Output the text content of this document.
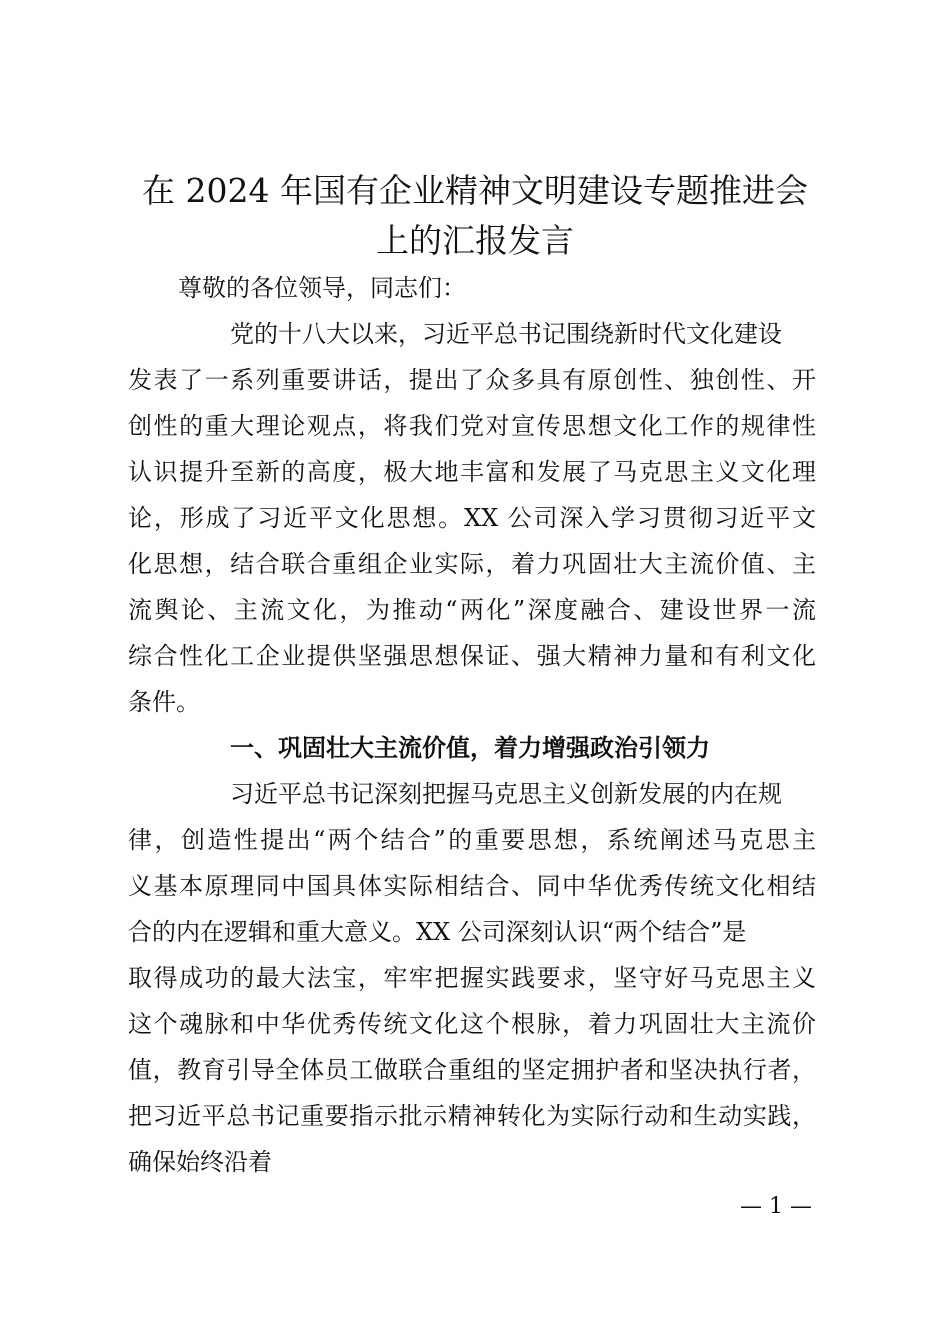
在 2024 年国有企业精神文明建设专题推进会
上的汇报发言

尊敬的各位领导，同志们：

党的十八大以来，习近平总书记围绕新时代文化建设

发表了一系列重要讲话，提出了众多具有原创性、独创性、开

创性的重大理论观点，将我们党对宣传思想文化工作的规律性

认识提升至新的高度，极大地丰富和发展了马克思主义文化理

论，形成了习近平文化思想。XX 公司深入学习贯彻习近平文

化思想，结合联合重组企业实际，着力巩固壮大主流价值、主

流舆论、主流文化，为推动“两化”深度融合、建设世界一流

综合性化工企业提供坚强思想保证、强大精神力量和有利文化

条件。

一、巩固壮大主流价值，着力增强政治引领力

习近平总书记深刻把握马克思主义创新发展的内在规

律，创造性提出“两个结合”的重要思想，系统阐述马克思主

义基本原理同中国具体实际相结合、同中华优秀传统文化相结

合的内在逻辑和重大意义。XX 公司深刻认识“两个结合”是

取得成功的最大法宝，牢牢把握实践要求，坚守好马克思主义

这个魂脉和中华优秀传统文化这个根脉，着力巩固壮大主流价

值，教育引导全体员工做联合重组的坚定拥护者和坚决执行者，

把习近平总书记重要指示批示精神转化为实际行动和生动实践，

确保始终沿着

— 1 —
